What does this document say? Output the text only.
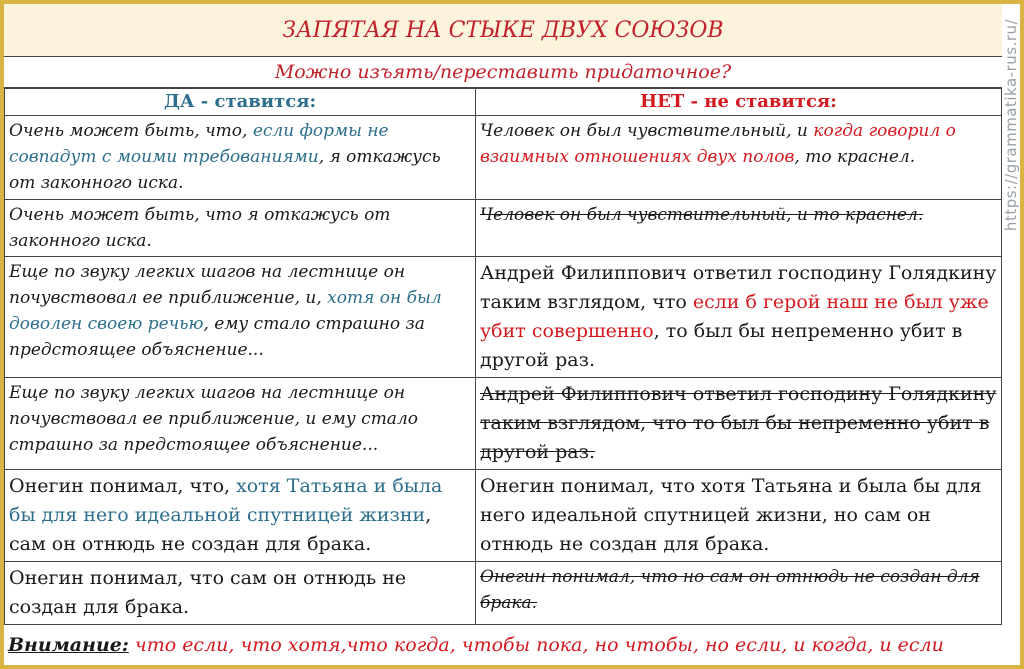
https://grammatika-rus.ru/
ЗАПЯТАЯ НА СТЫКЕ ДВУХ СОЮЗОВ
Можно изъять/переставить придаточное?
ДА - ставится:	НЕТ - не ставится:
Очень может быть, что, если формы не совпадут с моими требованиями, я откажусь от законного иска.	Человек он был чувствительный, и когда говорил о взаимных отношениях двух полов, то краснел.
Очень может быть, что я откажусь от законного иска.	Человек он был чувствительный, и то краснел.
Еще по звуку легких шагов на лестнице он почувствовал ее приближение, и, хотя он был доволен своею речью, ему стало страшно за предстоящее объяснение...	Андрей Филиппович ответил господину Голядкину таким взглядом, что если б герой наш не был уже убит совершенно, то был бы непременно убит в другой раз.
Еще по звуку легких шагов на лестнице он почувствовал ее приближение, и ему стало страшно за предстоящее объяснение...	Андрей Филиппович ответил господину Голядкину таким взглядом, что то был бы непременно убит в другой раз.
Онегин понимал, что, хотя Татьяна и была бы для него идеальной спутницей жизни, сам он отнюдь не создан для брака.	Онегин понимал, что хотя Татьяна и была бы для него идеальной спутницей жизни, но сам он отнюдь не создан для брака.
Онегин понимал, что сам он отнюдь не создан для брака.	Онегин понимал, что но сам он отнюдь не создан для брака.
Внимание: что если, что хотя,что когда, чтобы пока, но чтобы, но если, и когда, и если
